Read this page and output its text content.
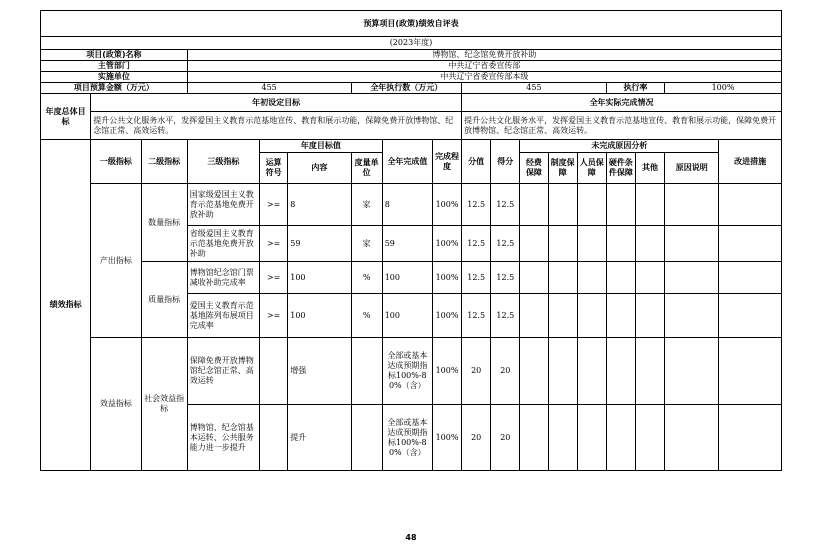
预算项目(政策)绩效自评表																	
(2023年度)																	
项目(政策)名称			博物馆、纪念馆免费开放补助														
主管部门			中共辽宁省委宣传部														
实施单位			中共辽宁省委宣传部本级														
项目预算金额（万元）			455			全年执行数（万元）			455					执行率		100%	
年度总体目标	年初设定目标								全年实际完成情况								
	提升公共文化服务水平，发挥爱国主义教育示范基地宣传、教育和展示功能，保障免费开放博物馆、纪念馆正常、高效运转。								提升公共文化服务水平，发挥爱国主义教育示范基地宣传、教育和展示功能，保障免费开放博物馆、纪念馆正常、高效运转。								
绩效指标	一级指标	二级指标	三级指标	年度目标值			全年完成值	完成程度	分值	得分	未完成原因分析						改进措施
				运算符号	内容	度量单位					经费保障	制度保障	人员保障	硬件条件保障	其他	原因说明	
	产出指标	数量指标	国家级爱国主义教育示范基地免费开放补助	>=	8	家	8	100%	12.5	12.5							
			省级爱国主义教育示范基地免费开放补助	>=	59	家	59	100%	12.5	12.5							
		质量指标	博物馆纪念馆门票减收补助完成率	>=	100	%	100	100%	12.5	12.5							
			爱国主义教育示范基地陈列布展项目完成率	>=	100	%	100	100%	12.5	12.5							
	效益指标	社会效益指标	保障免费开放博物馆纪念馆正常、高效运转		增强		全部或基本达成预期指标100%-80%（含）	100%	20	20							
			博物馆、纪念馆基本运转、公共服务能力进一步提升		提升		全部或基本达成预期指标100%-80%（含）	100%	20	20							
48
